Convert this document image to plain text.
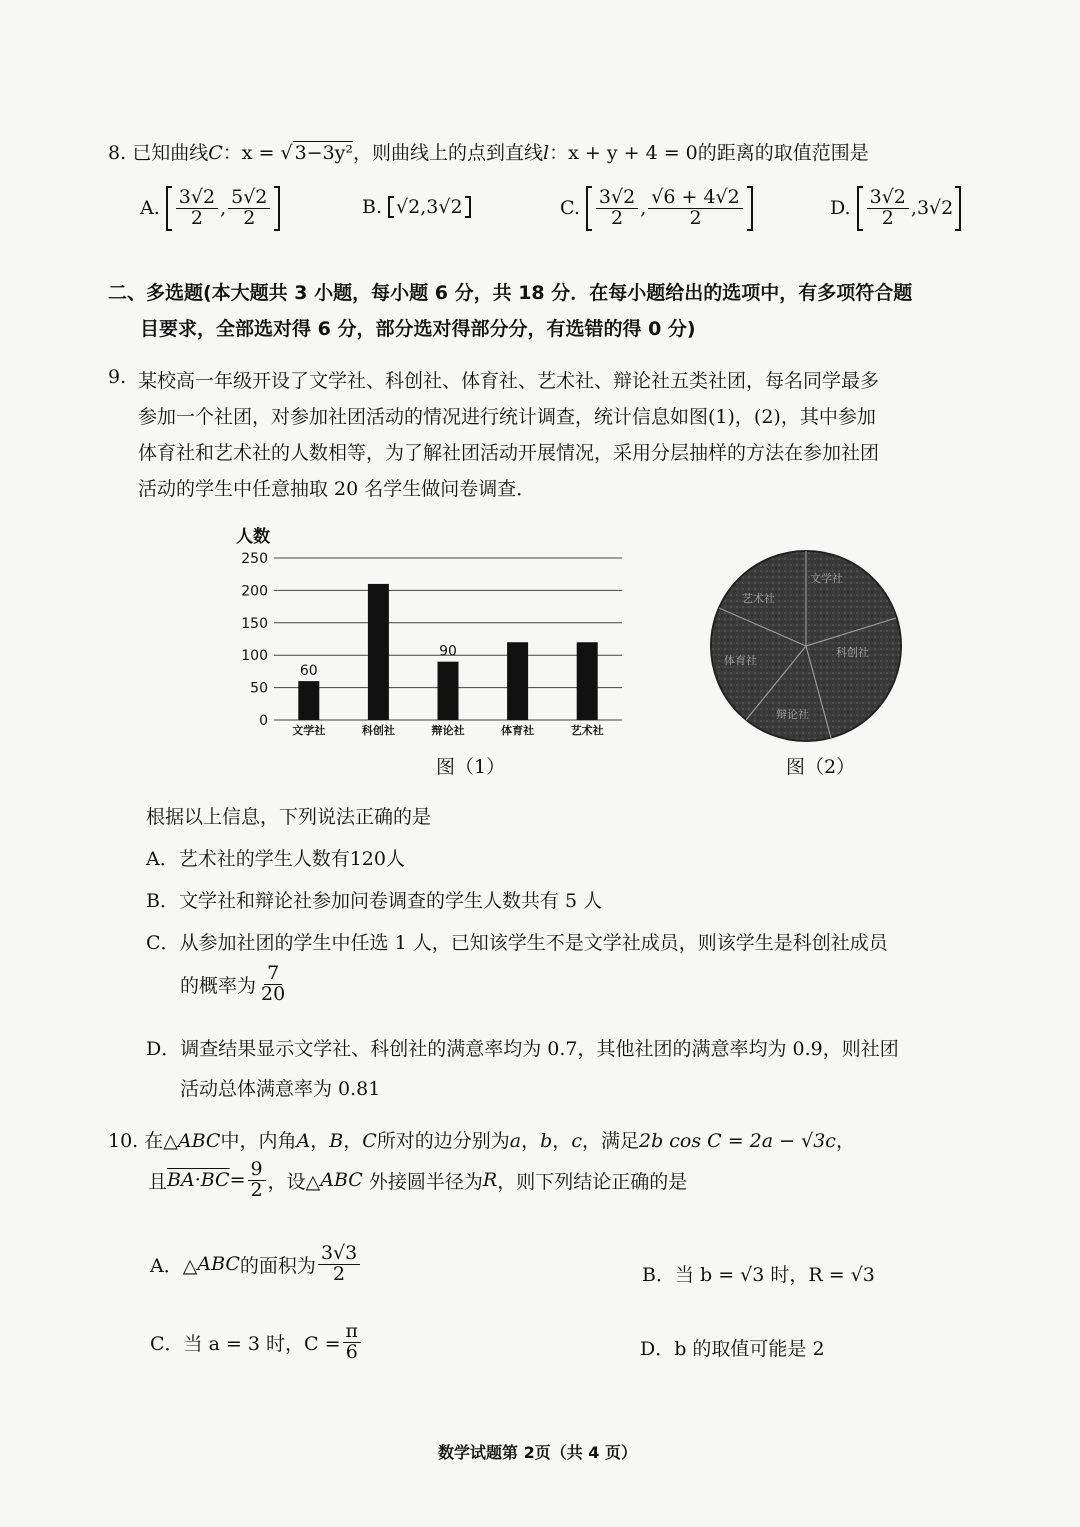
8. 已知曲线C：x = √ 3−3y²，则曲线上的点到直线l：x + y + 4 = 0的距离的取值范围是
A. $\frac{3√2}{2}$ , $\frac{5√2}{2}$	B. √2 , 3√2	C. $\frac{3√2}{2}$ , $\frac{√6 + 4√2}{2}$	D. $\frac{3√2}{2}$ , 3√2
二、多选题(本大题共 3 小题，每小题 6 分，共 18 分．在每小题给出的选项中，有多项符合题
目要求，全部选对得 6 分，部分选对得部分分，有选错的得 0 分)
9. 某校高一年级开设了文学社、科创社、体育社、艺术社、辩论社五类社团，每名同学最多
参加一个社团，对参加社团活动的情况进行统计调查，统计信息如图(1)，(2)，其中参加
体育社和艺术社的人数相等，为了解社团活动开展情况，采用分层抽样的方法在参加社团
活动的学生中任意抽取 20 名学生做问卷调查．
人数
0
50
100
150
200
250
文学社
60
科创社	辩论社
90
体育社	艺术社
图（1）
文学社
艺术社
体育社
辩论社
科创社
图（2）
根据以上信息，下列说法正确的是
A．艺术社的学生人数有120人
B．文学社和辩论社参加问卷调查的学生人数共有 5 人
C．从参加社团的学生中任选 1 人，已知该学生不是文学社成员，则该学生是科创社成员
的概率为 $\frac{7}{20}$
D．调查结果显示文学社、科创社的满意率均为 0.7，其他社团的满意率均为 0.9，则社团
活动总体满意率为 0.81
10. 在△ABC中，内角A，B，C所对的边分别为a，b，c，满足2b cos C = 2a − √3c，
且 $BA\cdot BC = \frac{9}{2}$ ，设△ ABC
外接圆半径为 R ，则下列结论正确的是
A．△ ABC 的面积为 $\frac{3√3}{2}$	B．当 b = √3 时，R = √3
C．当 a = 3 时，$C = \frac{\pi}{6}$	D．b 的取值可能是 2
数学试题第 2页（共 4 页）
